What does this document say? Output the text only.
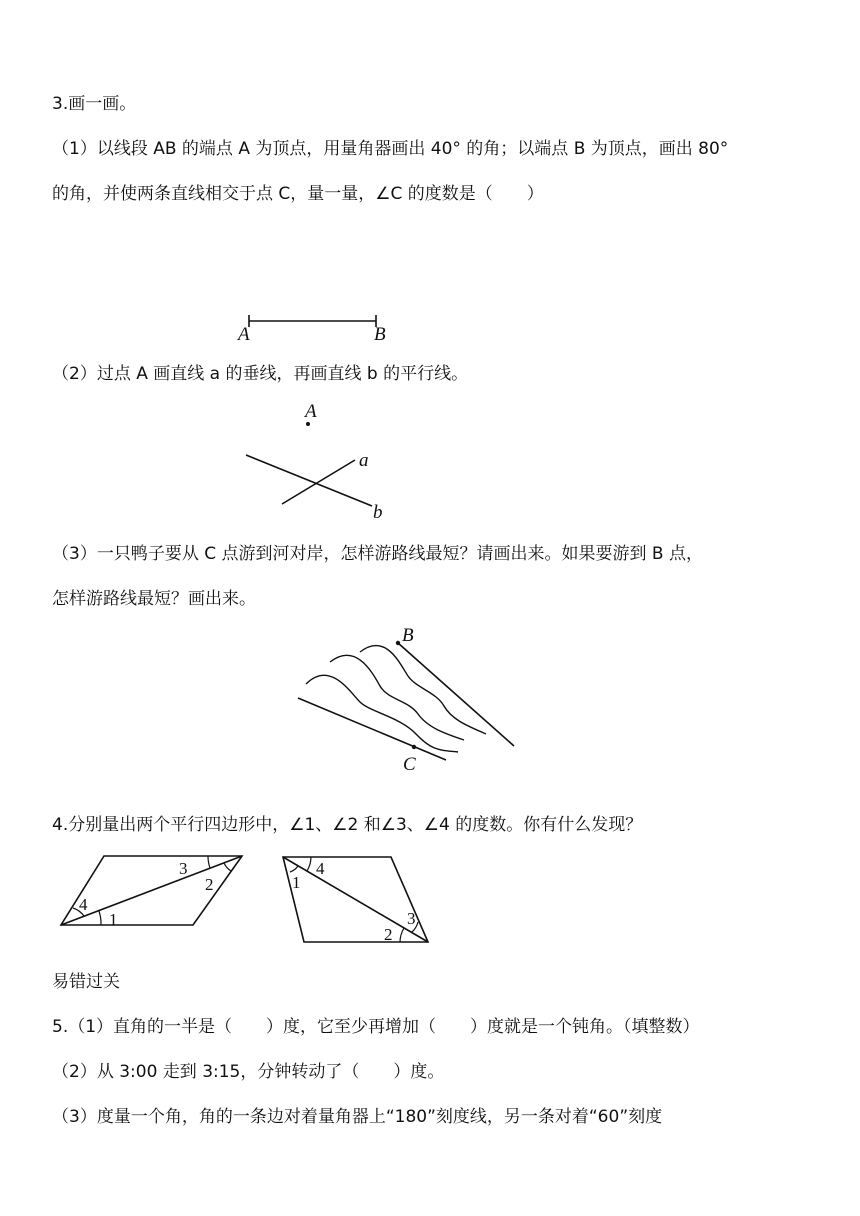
3.画一画。
（1）以线段 AB 的端点 A 为顶点，用量角器画出 40° 的角；以端点 B 为顶点，画出 80°
的角，并使两条直线相交于点 C，量一量，∠C 的度数是（　　）
A	B
（2）过点 A 画直线 a 的垂线，再画直线 b 的平行线。
A
a
b
（3）一只鸭子要从 C 点游到河对岸，怎样游路线最短？请画出来。如果要游到 B 点，
怎样游路线最短？画出来。
B
C
4.分别量出两个平行四边形中，∠1、∠2 和∠3、∠4 的度数。你有什么发现？
1
2
3
4
1
2
3
4
易错过关
5.（1）直角的一半是（　　）度，它至少再增加（　　）度就是一个钝角。（填整数）
（2）从 3:00 走到 3:15，分钟转动了（　　）度。
（3）度量一个角，角的一条边对着量角器上“180”刻度线，另一条对着“60”刻度
